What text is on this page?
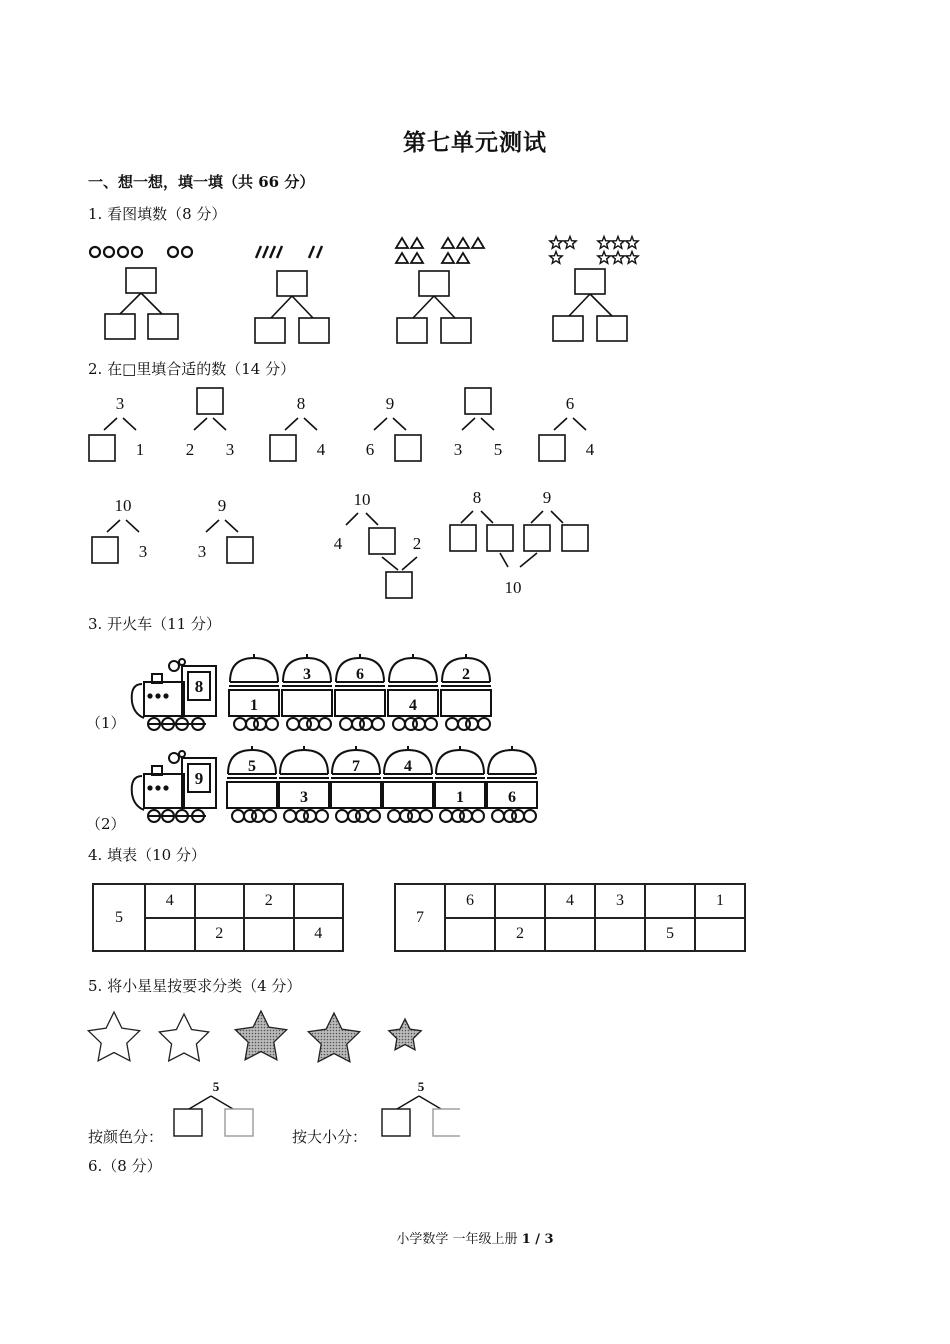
第七单元测试
一、想一想，填一填（共 66 分）
1. 看图填数（8 分）
2. 在□里填合适的数（14 分）
3
1 2 3
8
4
9
6	3 5
6
4
10
3
9
3
10
4	2
8	9
10
3. 开火车（11 分）
8
1
3	6
4
2
9
5
3
7	4
1	6
（1）
（2）
4. 填表（10 分）
5	4		2	
		2		4
7	6		4	3		1
		2			5	
5. 将小星星按要求分类（4 分）
5	5
按颜色分：	按大小分：
6.（8 分）
小学数学 一年级上册 1 / 3
